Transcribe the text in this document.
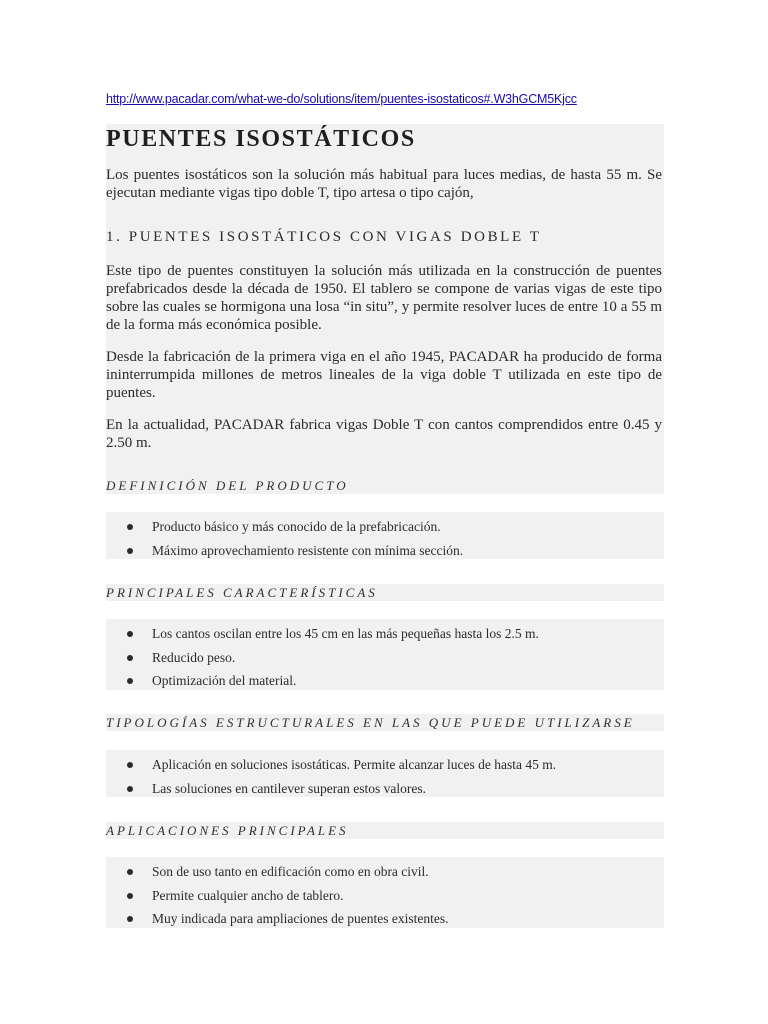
http://www.pacadar.com/what-we-do/solutions/item/puentes-isostaticos#.W3hGCM5Kjcc
PUENTES ISOSTÁTICOS

Los puentes isostáticos son la solución más habitual para luces medias, de hasta 55 m. Se ejecutan mediante vigas tipo doble T, tipo artesa o tipo cajón,

1. PUENTES ISOSTÁTICOS CON VIGAS DOBLE T

Este tipo de puentes constituyen la solución más utilizada en la construcción de puentes prefabricados desde la década de 1950. El tablero se compone de varias vigas de este tipo sobre las cuales se hormigona una losa “in situ”, y permite resolver luces de entre 10 a 55 m de la forma más económica posible.

Desde la fabricación de la primera viga en el año 1945, PACADAR ha producido de forma ininterrumpida millones de metros lineales de la viga doble T utilizada en este tipo de puentes.

En la actualidad, PACADAR fabrica vigas Doble T con cantos comprendidos entre 0.45 y 2.50 m.

DEFINICIÓN DEL PRODUCTO
Producto básico y más conocido de la prefabricación.
Máximo aprovechamiento resistente con mínima sección.
PRINCIPALES CARACTERÍSTICAS
Los cantos oscilan entre los 45 cm en las más pequeñas hasta los 2.5 m.
Reducido peso.
Optimización del material.
TIPOLOGÍAS ESTRUCTURALES EN LAS QUE PUEDE UTILIZARSE
Aplicación en soluciones isostáticas. Permite alcanzar luces de hasta 45 m.
Las soluciones en cantilever superan estos valores.
APLICACIONES PRINCIPALES
Son de uso tanto en edificación como en obra civil.
Permite cualquier ancho de tablero.
Muy indicada para ampliaciones de puentes existentes.
